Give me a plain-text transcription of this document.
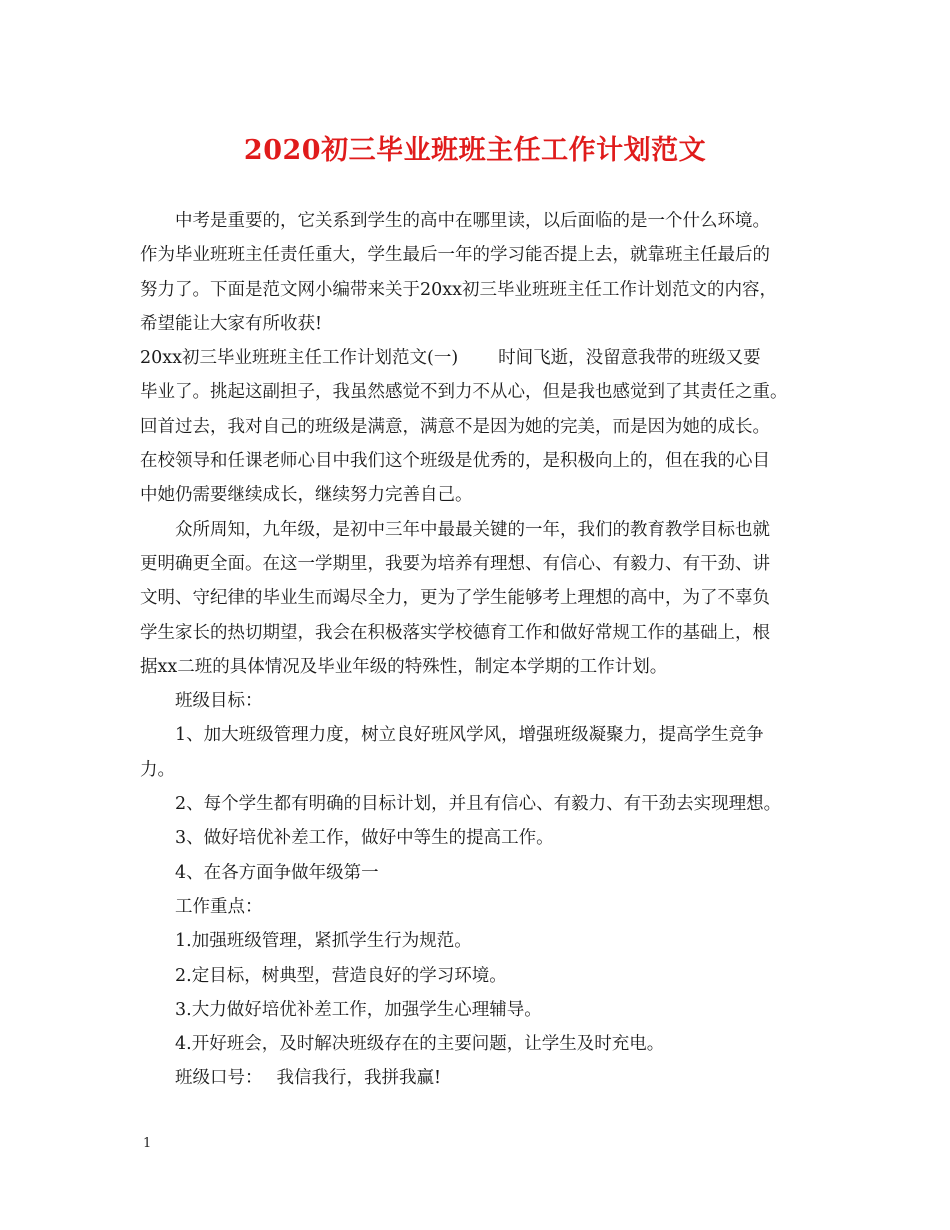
2020初三毕业班班主任工作计划范文
中考是重要的，它关系到学生的高中在哪里读，以后面临的是一个什么环境。
作为毕业班班主任责任重大，学生最后一年的学习能否提上去，就靠班主任最后的
努力了。下面是范文网小编带来关于20xx初三毕业班班主任工作计划范文的内容，
希望能让大家有所收获!
20xx初三毕业班班主任工作计划范文(一) 时间飞逝，没留意我带的班级又要
毕业了。挑起这副担子，我虽然感觉不到力不从心，但是我也感觉到了其责任之重。
回首过去，我对自己的班级是满意，满意不是因为她的完美，而是因为她的成长。
在校领导和任课老师心目中我们这个班级是优秀的，是积极向上的，但在我的心目
中她仍需要继续成长，继续努力完善自己。
众所周知，九年级，是初中三年中最最关键的一年，我们的教育教学目标也就
更明确更全面。在这一学期里，我要为培养有理想、有信心、有毅力、有干劲、讲
文明、守纪律的毕业生而竭尽全力，更为了学生能够考上理想的高中，为了不辜负
学生家长的热切期望，我会在积极落实学校德育工作和做好常规工作的基础上，根
据xx二班的具体情况及毕业年级的特殊性，制定本学期的工作计划。
班级目标：
1、加大班级管理力度，树立良好班风学风，增强班级凝聚力，提高学生竞争
力。
2、每个学生都有明确的目标计划，并且有信心、有毅力、有干劲去实现理想。
3、做好培优补差工作，做好中等生的提高工作。
4、在各方面争做年级第一
工作重点：
1.加强班级管理，紧抓学生行为规范。
2.定目标，树典型，营造良好的学习环境。
3.大力做好培优补差工作，加强学生心理辅导。
4.开好班会，及时解决班级存在的主要问题，让学生及时充电。
班级口号： 我信我行，我拼我赢!
1
